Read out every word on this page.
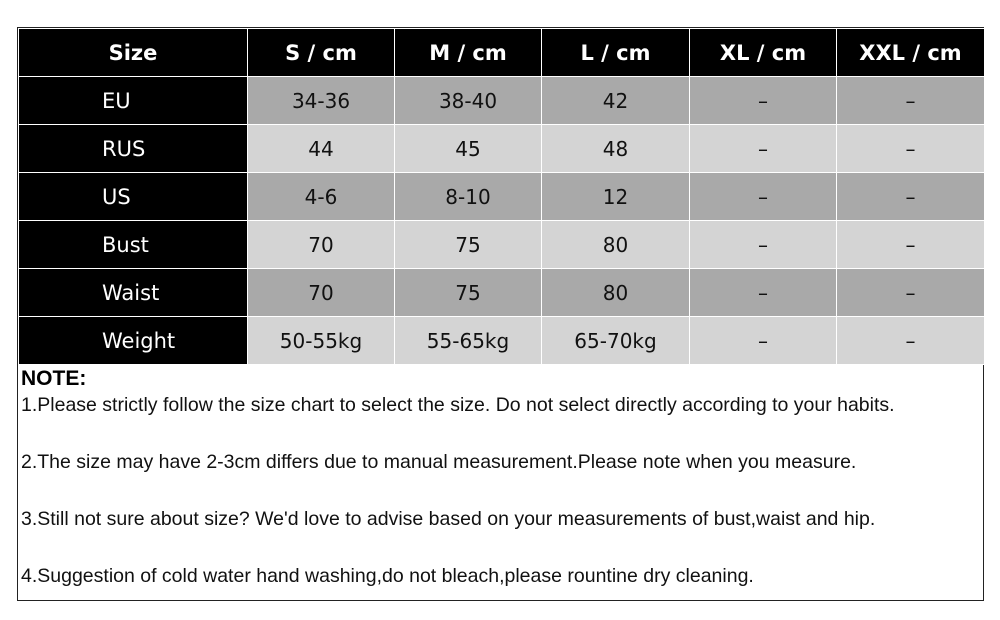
Size	S / cm	M / cm	L / cm	XL / cm	XXL / cm
EU	34-36	38-40	42	–	–
RUS	44	45	48	–	–
US	4-6	8-10	12	–	–
Bust	70	75	80	–	–
Waist	70	75	80	–	–
Weight	50-55kg	55-65kg	65-70kg	–	–
NOTE:
1.Please strictly follow the size chart to select the size. Do not select directly according to your habits.
2.The size may have 2-3cm differs due to manual measurement.Please note when you measure.
3.Still not sure about size? We'd love to advise based on your measurements of bust,waist and hip.
4.Suggestion of cold water hand washing,do not bleach,please rountine dry cleaning.
